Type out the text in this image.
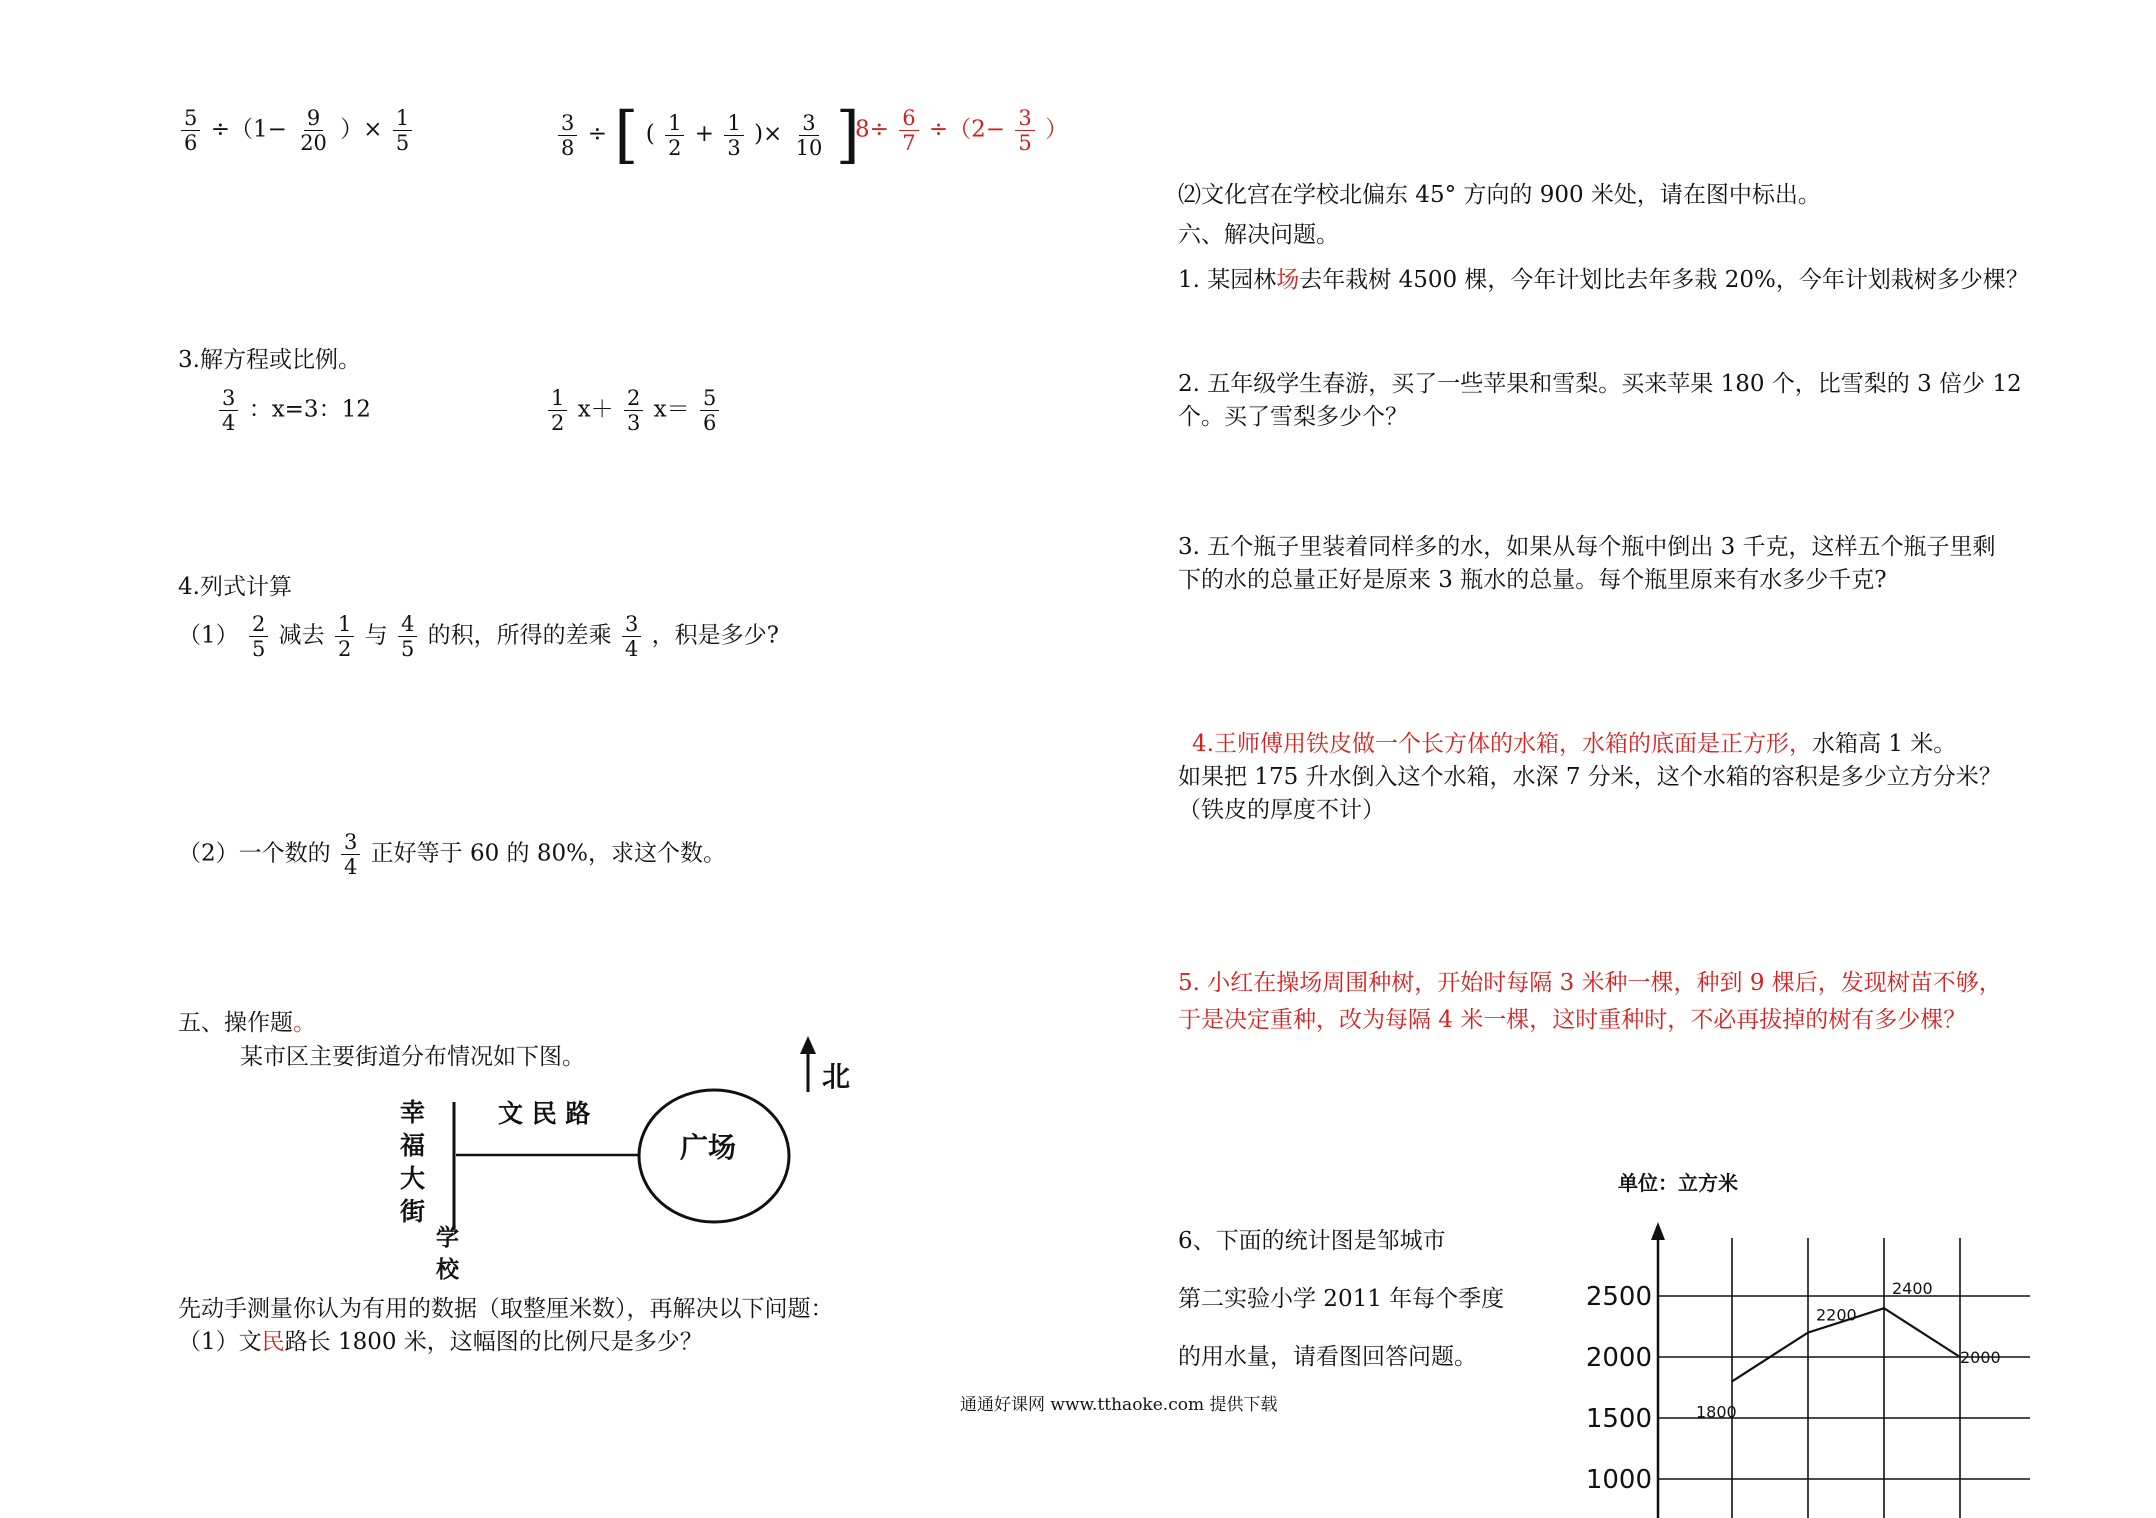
$\frac{5}{6} \div(1- \frac{9}{20}$ ）× $\frac{1}{5}$	$\frac{3}{8}$ ÷ [ ( $\frac{1}{2} + \frac{1}{3}$ )× $\frac{3}{10}$ ]
$8\div \frac{6}{7} \div(2- \frac{3}{5}$ ）
3.解方程或比例。
$\frac{3}{4}$ ：x=3：12	$\frac{1}{2} x+ \frac{2}{3} x= \frac{5}{6}$
4.列式计算
$(1) \frac{2}{5}$ 减去 $\frac{1}{2}$ 与 $\frac{4}{5}$ 的积，所得的差乘 $\frac{3}{4}$ ，积是多少?
（2）一个数的 $\frac{3}{4}$ 正好等于 60 的 80%，求这个数。
五、操作题。
某市区主要街道分布情况如下图。
北
幸
福
大
街
文 民 路
广场
学
校
先动手测量你认为有用的数据（取整厘米数），再解决以下问题：
（1）文民路长 1800 米，这幅图的比例尺是多少？
通通好课网 www.tthaoke.com 提供下载
⑵文化宫在学校北偏东 45° 方向的 900 米处，请在图中标出。
六、解决问题。
1. 某园林场去年栽树 4500 棵，今年计划比去年多栽 20%，今年计划栽树多少棵？
2. 五年级学生春游，买了一些苹果和雪梨。买来苹果 180 个，比雪梨的 3 倍少 12
个。买了雪梨多少个？
3. 五个瓶子里装着同样多的水，如果从每个瓶中倒出 3 千克，这样五个瓶子里剩
下的水的总量正好是原来 3 瓶水的总量。每个瓶里原来有水多少千克?
4.王师傅用铁皮做一个长方体的水箱，水箱的底面是正方形，水箱高 1 米。
如果把 175 升水倒入这个水箱，水深 7 分米，这个水箱的容积是多少立方分米？
（铁皮的厚度不计）
5. 小红在操场周围种树，开始时每隔 3 米种一棵，种到 9 棵后，发现树苗不够，
于是决定重种，改为每隔 4 米一棵，这时重种时，不必再拔掉的树有多少棵？
6、下面的统计图是邹城市
第二实验小学 2011 年每个季度
的用水量，请看图回答问题。
单位：立方米
2500
2000
1500
1000
1800
2200
2400
2000
